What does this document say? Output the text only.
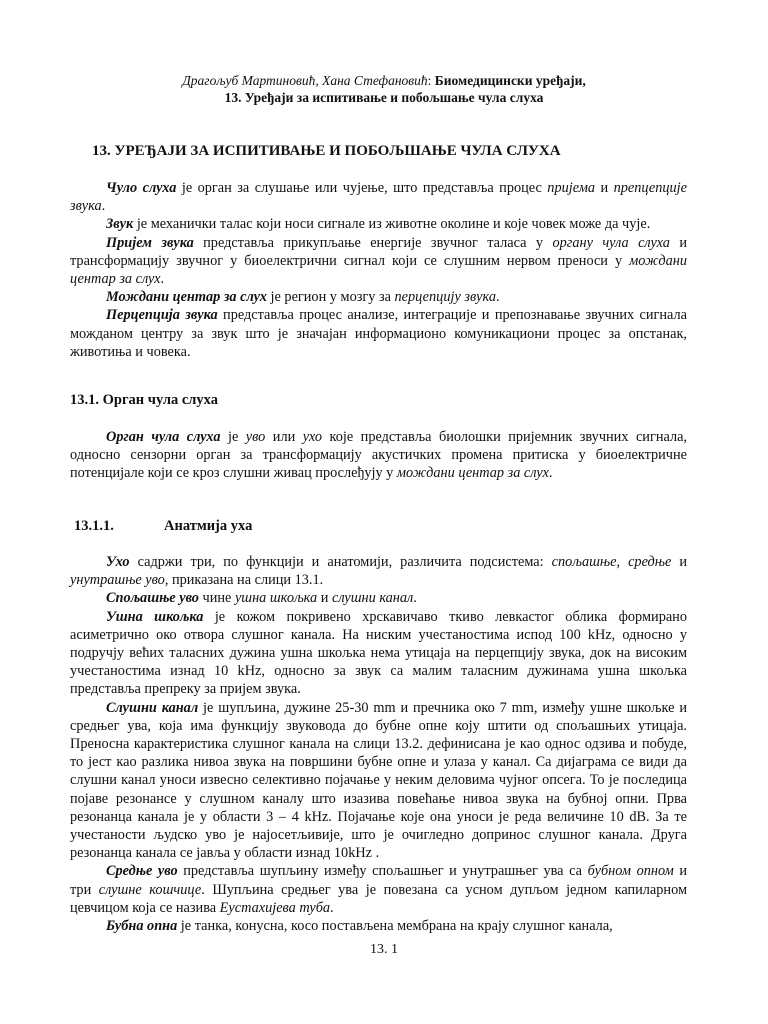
Драгољуб Мартиновић, Хана Стефановић: Биомедицински уређаји,
13. Уређаји за испитивање и побољшање чула слуха
13. УРЕЂАЈИ ЗА ИСПИТИВАЊЕ И ПОБОЉШАЊЕ ЧУЛА СЛУХА

Чуло слуха је орган за слушање или чујење, што представља процес пријема и препцепције звука.

Звук је механички талас који носи сигнале из животне околине и које човек може да чује.

Пријем звука представља прикупљање енергије звучног таласа у органу чула слуха и трансформацију звучног у биоелектрични сигнал који се слушним нервом преноси у мождани центар за слух.

Мождани центар за слух је регион у мозгу за перцепцију звука.

Перцепција звука представља процес анализе, интеграције и препознавање звучних сигнала можданом центру за звук што је значајан информационо комуникациони процес за опстанак, животиња и човека.

13.1. Орган чула слуха

Орган чула слуха је уво или ухо које представља биолошки пријемник звучних сигнала, односно сензорни орган за трансформацију акустичких промена притиска у биоелектричне потенцијале који се кроз слушни живац прослеђују у мождани центар за слух.

13.1.1.	Анатмија уха

Ухо садржи три, по функцији и анатомији, различита подсистема: спољашње, средње и унутрашње уво, приказана на слици 13.1.

Спољашње уво чине ушна шкољка и слушни канал.

Ушна шкољка је кожом покривено хрскавичаво ткиво левкастог облика формирано асиметрично око отвора слушног канала. На ниским учестаностима испод 100 kHz, односно у подручју већих таласних дужина ушна шкољка нема утицаја на перцепцију звука, док на високим учестаностима изнад 10 kHz, односно за звук са малим таласним дужинама ушна шкољка представља препреку за пријем звука.

Слушни канал је шупљина, дужине 25-30 mm и пречника око 7 mm, између ушне шкољке и средњег ува, која има функцију звуковода до бубне опне коју штити од спољашњих утицаја. Преносна карактеристика слушног канала на слици 13.2. дефинисана је као однос одзива и побуде, то јест као разлика нивоа звука на површини бубне опне и улаза у канал. Са дијаграма се види да слушни канал уноси извесно селективно појачање у неким деловима чујног опсега. То је последица појаве резонансе у слушном каналу што изазива повећање нивоа звука на бубној опни. Прва резонанца канала је у области 3 – 4 kHz. Појачање које она уноси је реда величине 10 dB. За те учестаности људско уво је најосетљивије, што је очигледно допринос слушног канала. Друга резонанца канала се јавља у области изнад 10kHz .

Средње уво представља шупљину између спољашњег и унутрашњег ува са бубном опном и три слушне кошчице. Шупљина средњег ува је повезана са усном дупљом једном капиларном цевчицом која се назива Еустахијева туба.

Бубна опна је танка, конусна, косо постављена мембрана на крају слушног канала,

13. 1
